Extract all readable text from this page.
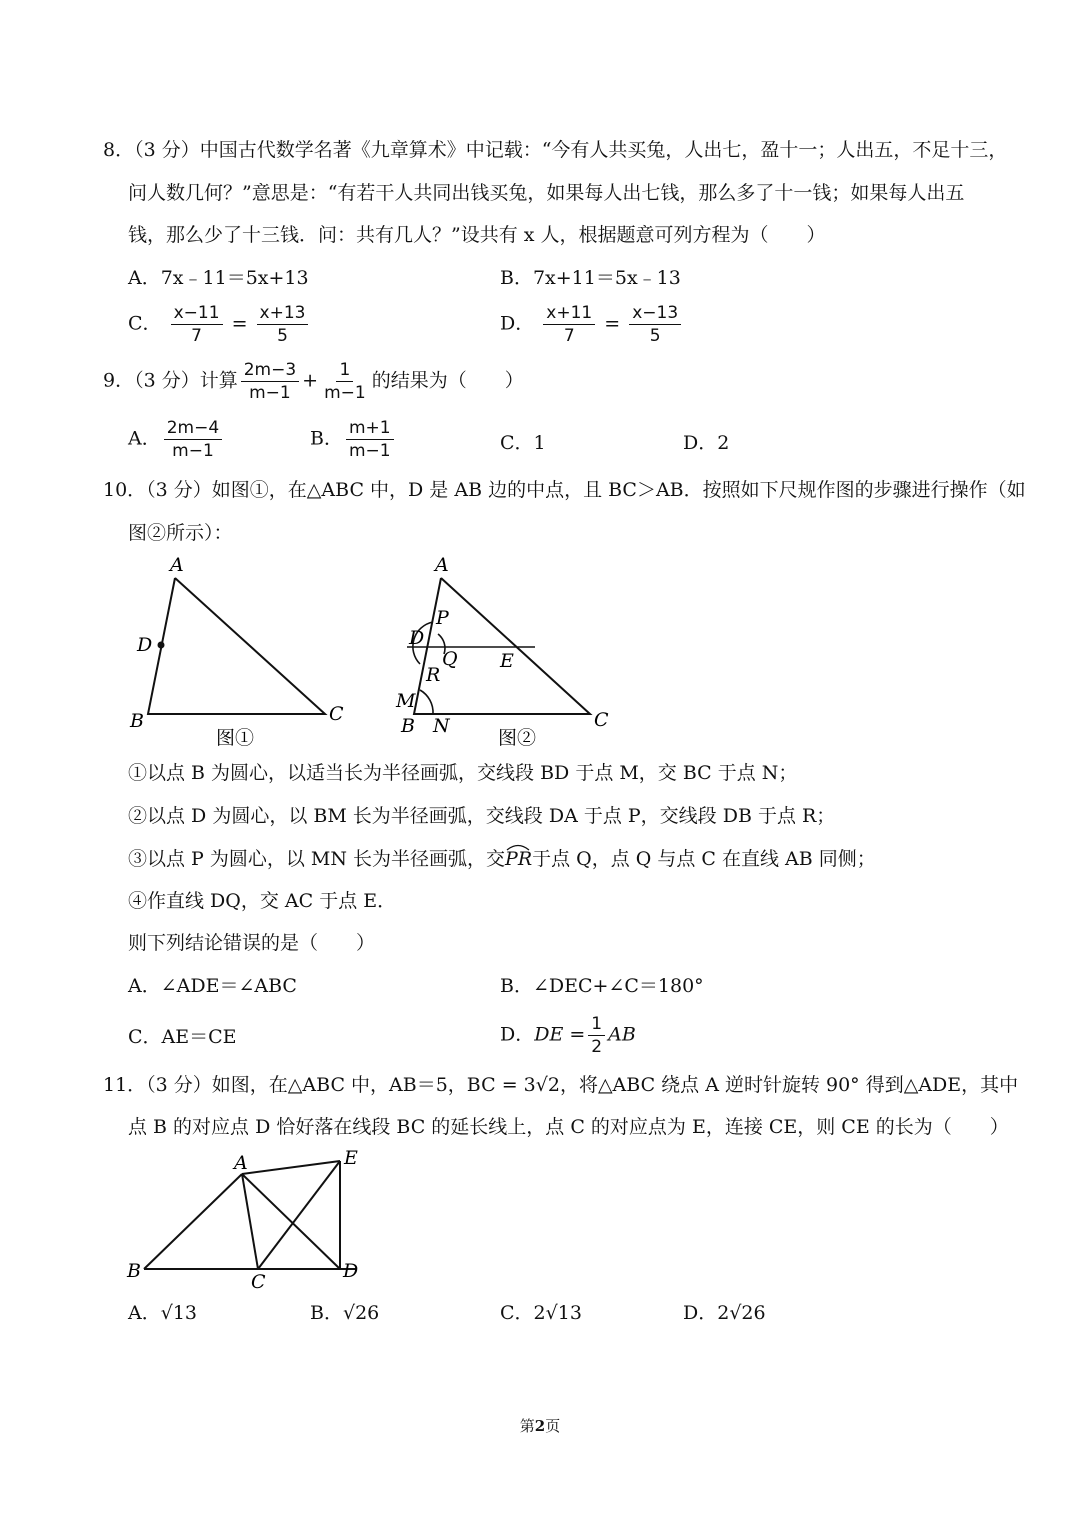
8．（3 分）中国古代数学名著《九章算术》中记载：“今有人共买兔，人出七，盈十一；人出五，不足十三，
问人数几何？”意思是：“有若干人共同出钱买兔，如果每人出七钱，那么多了十一钱；如果每人出五
钱，那么少了十三钱．问：共有几人？”设共有 x 人，根据题意可列方程为（　　）
A．7x﹣11＝5x+13	B．7x+11＝5x﹣13
C． $\frac{x-11}{7} = \frac{x+13}{5}$	D． $\frac{x+11}{7} = \frac{x-13}{5}$
9．（3 分）计算 $\frac{2m-3}{m-1} + \frac{1}{m-1}$ 的结果为（　　）
A． $\frac{2m-4}{m-1}$	B． $\frac{m+1}{m-1}$	C．1	D．2
10．（3 分）如图①，在△ABC 中，D 是 AB 边的中点，且 BC＞AB．按照如下尺规作图的步骤进行操作（如
图②所示）：
A
D
B	C
图①
A
P
D
Q E
R
M
B N	C
图②
①以点 B 为圆心，以适当长为半径画弧，交线段 BD 于点 M，交 BC 于点 N；
②以点 D 为圆心，以 BM 长为半径画弧，交线段 DA 于点 P，交线段 DB 于点 R；
③以点 P 为圆心，以 MN 长为半径画弧，交PR
于点 Q，点 Q 与点 C 在直线 AB 同侧；
④作直线 DQ，交 AC 于点 E．
则下列结论错误的是（　　）
A．∠ADE＝∠ABC	B．∠DEC+∠C＝180°
C．AE＝CE	D．DE = $\frac{1}{2}$ AB
11．（3 分）如图，在△ABC 中，AB＝5，BC = 3√2，将△ABC 绕点 A 逆时针旋转 90° 得到△ADE，其中
点 B 的对应点 D 恰好落在线段 BC 的延长线上，点 C 的对应点为 E，连接 CE，则 CE 的长为（　　）
A	E
B	C	D
A．√13	B．√26	C．2√13	D．2√26
第2页
